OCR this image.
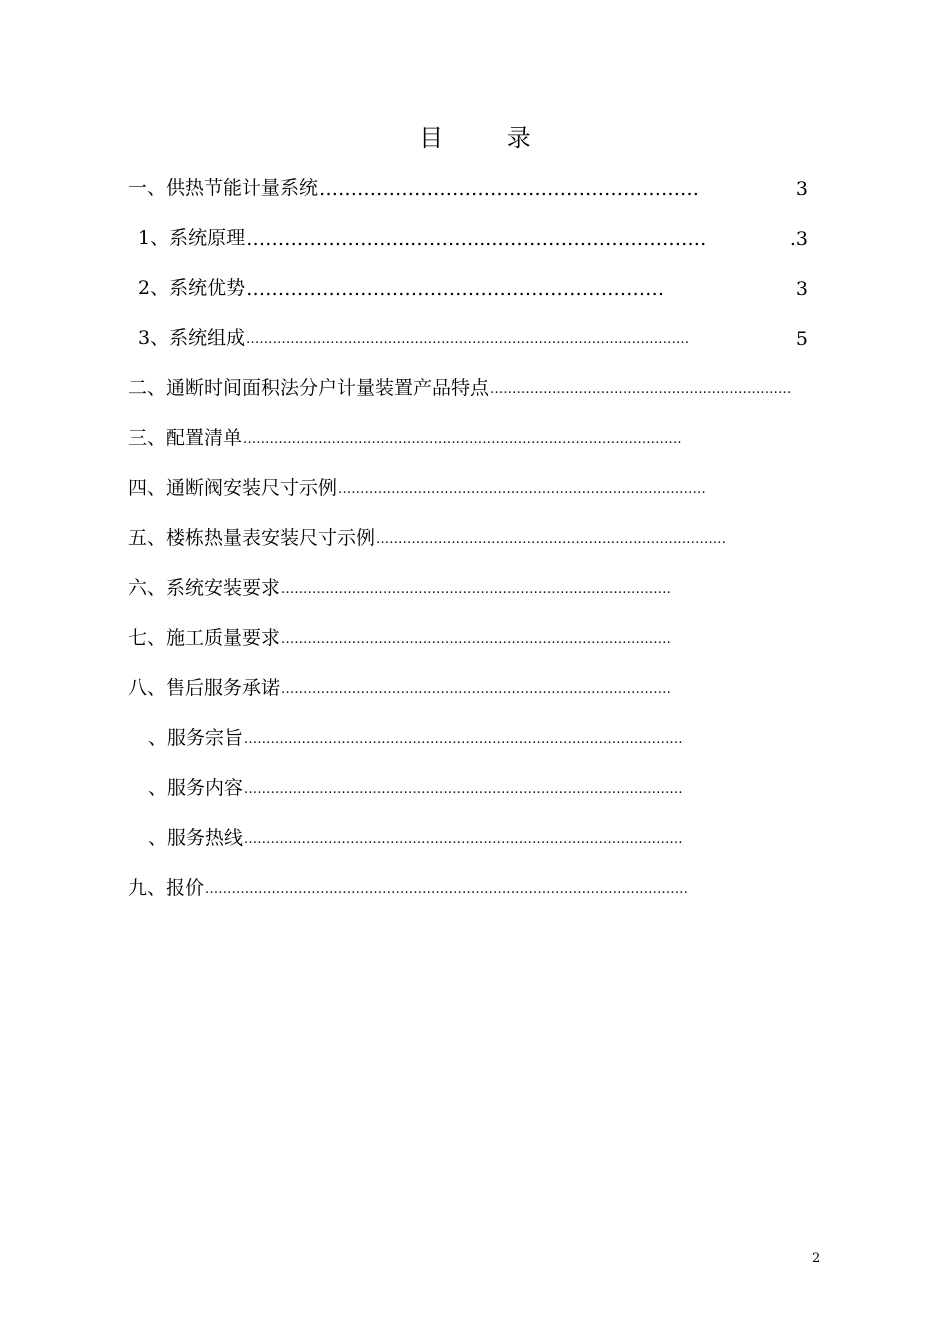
目 录
一、供热节能计量系统 ……………………………………………………	3
1、系统原理 ……………………...………....……………………………	.3
2、系统优势 …………………………………………………………	3
3、系统组成 ....................................................................................................	5
二、通断时间面积法分户计量装置产品特点 ....................................................................
三、配置清单 ...................................................................................................
四、通断阀安装尺寸示例 ...................................................................................
五、楼栋热量表安装尺寸示例 ...............................................................................
六、系统安装要求 ........................................................................................
七、施工质量要求 ........................................................................................
八、售后服务承诺 ........................................................................................
、服务宗旨 ...................................................................................................
、服务内容 ...................................................................................................
、服务热线 ...................................................................................................
九、报价 .............................................................................................................
2
